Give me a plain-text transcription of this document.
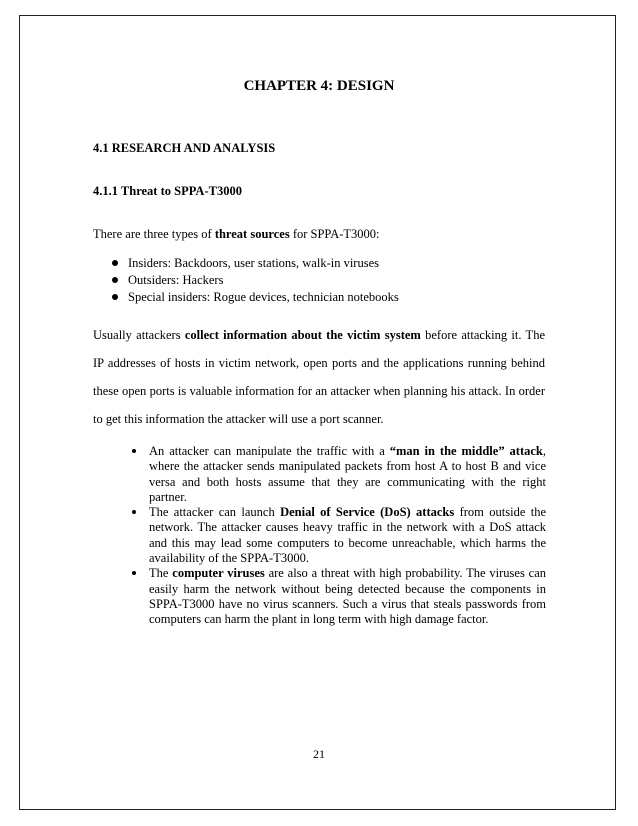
CHAPTER 4: DESIGN
4.1 RESEARCH AND ANALYSIS
4.1.1 Threat to SPPA-T3000
There are three types of threat sources for SPPA-T3000:
Insiders: Backdoors, user stations, walk-in viruses
Outsiders: Hackers
Special insiders: Rogue devices, technician notebooks
Usually attackers collect information about the victim system before attacking it. The
IP addresses of hosts in victim network, open ports and the applications running behind
these open ports is valuable information for an attacker when planning his attack. In order
to get this information the attacker will use a port scanner.
An attacker can manipulate the traffic with a “man in the middle” attack, where the attacker sends manipulated packets from host A to host B and vice versa and both hosts assume that they are communicating with the right partner.
The attacker can launch Denial of Service (DoS) attacks from outside the network. The attacker causes heavy traffic in the network with a DoS attack and this may lead some computers to become unreachable, which harms the availability of the SPPA-T3000.
The computer viruses are also a threat with high probability. The viruses can easily harm the network without being detected because the components in SPPA-T3000 have no virus scanners. Such a virus that steals passwords from computers can harm the plant in long term with high damage factor.
21
